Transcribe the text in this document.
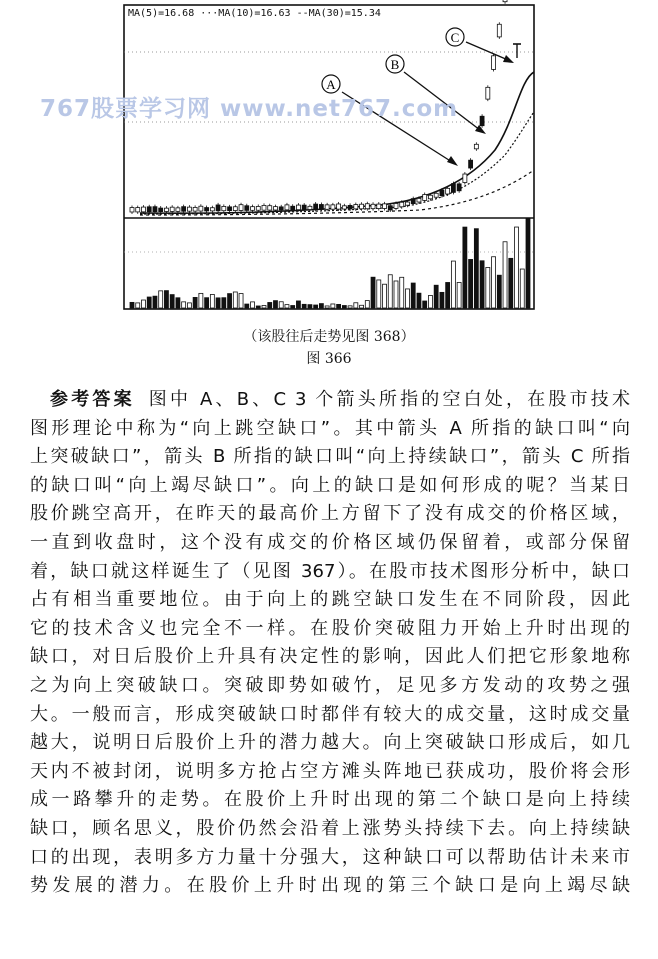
MA(5)=16.68 ···MA(10)=16.63 --MA(30)=15.34
A
B
C
767股票学习网 www.net767.com
（该股往后走势见图 368）
图 366
参考答案 图中 A、B、C 3 个箭头所指的空白处，在股市技术
图形理论中称为“向上跳空缺口”。其中箭头 A 所指的缺口叫“向
上突破缺口”，箭头 B 所指的缺口叫“向上持续缺口”，箭头 C 所指
的缺口叫“向上竭尽缺口”。向上的缺口是如何形成的呢？当某日
股价跳空高开，在昨天的最高价上方留下了没有成交的价格区域，
一直到收盘时，这个没有成交的价格区域仍保留着，或部分保留
着，缺口就这样诞生了（见图 367）。在股市技术图形分析中，缺口
占有相当重要地位。由于向上的跳空缺口发生在不同阶段，因此
它的技术含义也完全不一样。在股价突破阻力开始上升时出现的
缺口，对日后股价上升具有决定性的影响，因此人们把它形象地称
之为向上突破缺口。突破即势如破竹，足见多方发动的攻势之强
大。一般而言，形成突破缺口时都伴有较大的成交量，这时成交量
越大，说明日后股价上升的潜力越大。向上突破缺口形成后，如几
天内不被封闭，说明多方抢占空方滩头阵地已获成功，股价将会形
成一路攀升的走势。在股价上升时出现的第二个缺口是向上持续
缺口，顾名思义，股价仍然会沿着上涨势头持续下去。向上持续缺
口的出现，表明多方力量十分强大，这种缺口可以帮助估计未来市
势发展的潜力。在股价上升时出现的第三个缺口是向上竭尽缺
